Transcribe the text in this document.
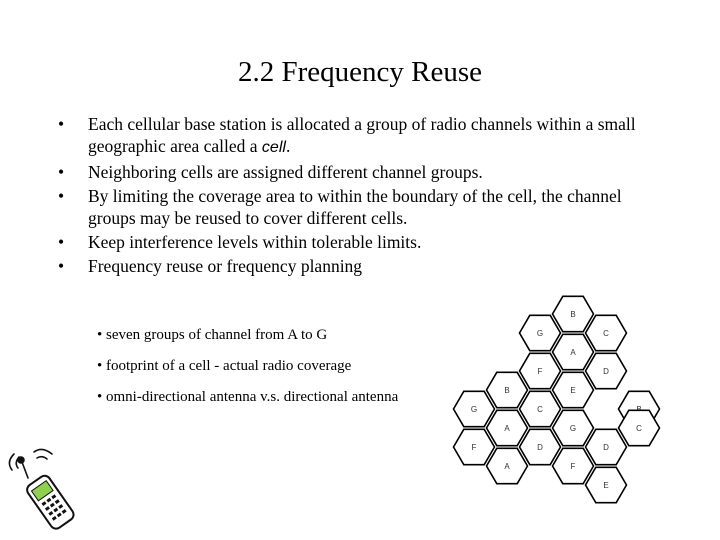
2.2 Frequency Reuse
• Each cellular base station is allocated a group of radio channels within a small geographic area called a cell.
• Neighboring cells are assigned different channel groups.
• By limiting the coverage area to within the boundary of the cell, the channel groups may be reused to cover different cells.
• Keep interference levels within tolerable limits.
• Frequency reuse or frequency planning
• seven groups of channel from A to G
• footprint of a cell - actual radio coverage
• omni-directional antenna v.s. directional antenna
B
G	C
A
F	D
B	E
G	C
A	G	C
F	D
A	F
D
E
